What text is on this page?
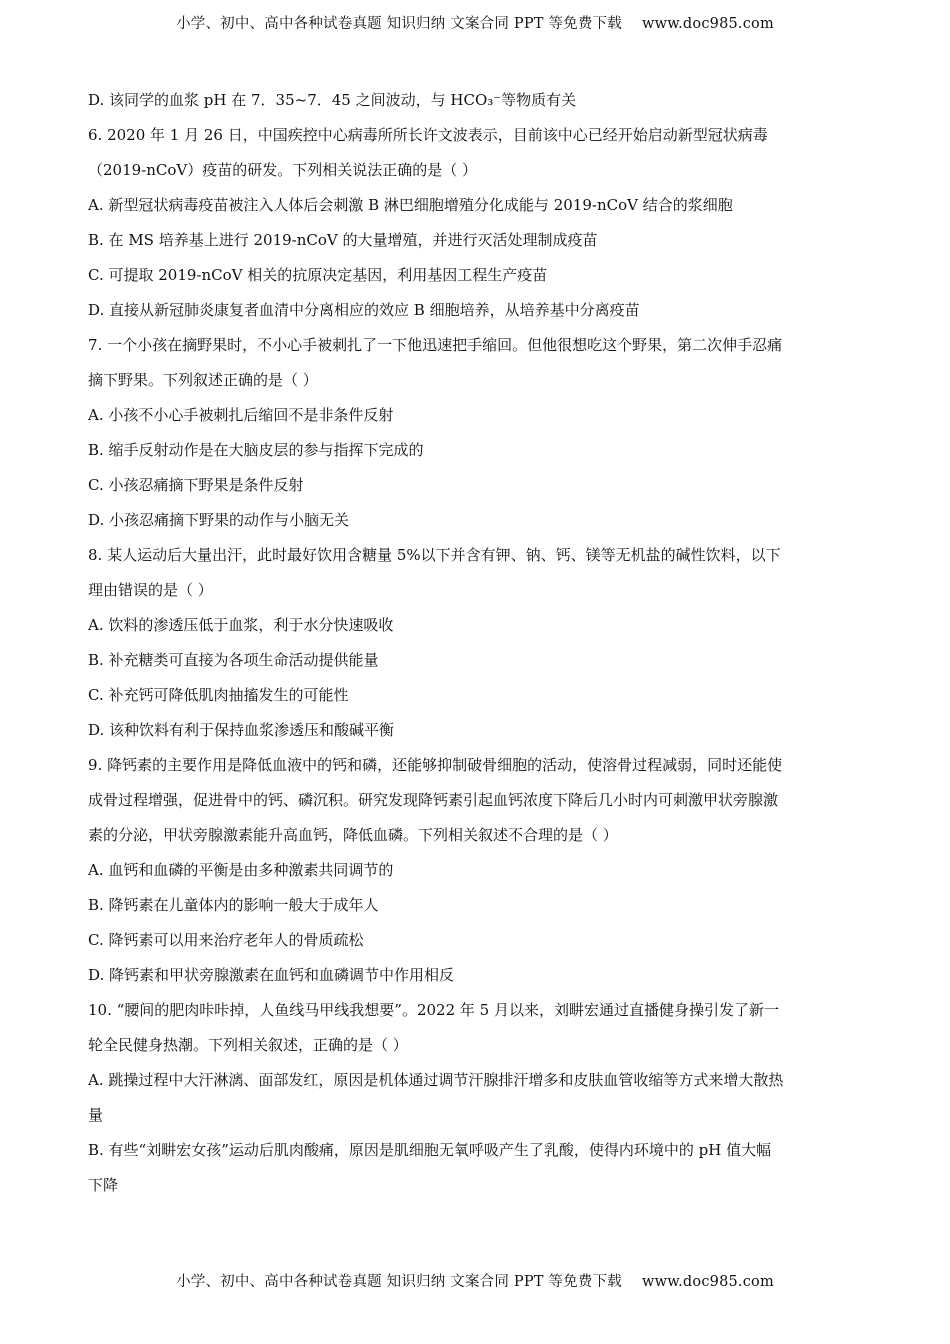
小学、初中、高中各种试卷真题 知识归纳 文案合同 PPT 等免费下载 www.doc985.com
D. 该同学的血浆 pH 在 7．35~7．45 之间波动，与 HCO₃⁻等物质有关
6. 2020 年 1 月 26 日，中国疾控中心病毒所所长许文波表示，目前该中心已经开始启动新型冠状病毒
（2019-nCoV）疫苗的研发。下列相关说法正确的是（ ）
A. 新型冠状病毒疫苗被注入人体后会刺激 B 淋巴细胞增殖分化成能与 2019-nCoV 结合的浆细胞
B. 在 MS 培养基上进行 2019-nCoV 的大量增殖，并进行灭活处理制成疫苗
C. 可提取 2019-nCoV 相关的抗原决定基因，利用基因工程生产疫苗
D. 直接从新冠肺炎康复者血清中分离相应的效应 B 细胞培养，从培养基中分离疫苗
7. 一个小孩在摘野果时，不小心手被刺扎了一下他迅速把手缩回。但他很想吃这个野果，第二次伸手忍痛
摘下野果。下列叙述正确的是（ ）
A. 小孩不小心手被刺扎后缩回不是非条件反射
B. 缩手反射动作是在大脑皮层的参与指挥下完成的
C. 小孩忍痛摘下野果是条件反射
D. 小孩忍痛摘下野果的动作与小脑无关
8. 某人运动后大量出汗，此时最好饮用含糖量 5%以下并含有钾、钠、钙、镁等无机盐的碱性饮料，以下
理由错误的是（ ）
A. 饮料的渗透压低于血浆，利于水分快速吸收
B. 补充糖类可直接为各项生命活动提供能量
C. 补充钙可降低肌肉抽搐发生的可能性
D. 该种饮料有利于保持血浆渗透压和酸碱平衡
9. 降钙素的主要作用是降低血液中的钙和磷，还能够抑制破骨细胞的活动，使溶骨过程减弱，同时还能使
成骨过程增强，促进骨中的钙、磷沉积。研究发现降钙素引起血钙浓度下降后几小时内可刺激甲状旁腺激
素的分泌，甲状旁腺激素能升高血钙，降低血磷。下列相关叙述不合理的是（ ）
A. 血钙和血磷的平衡是由多种激素共同调节的
B. 降钙素在儿童体内的影响一般大于成年人
C. 降钙素可以用来治疗老年人的骨质疏松
D. 降钙素和甲状旁腺激素在血钙和血磷调节中作用相反
10. “腰间的肥肉咔咔掉，人鱼线马甲线我想要”。2022 年 5 月以来，刘畊宏通过直播健身操引发了新一
轮全民健身热潮。下列相关叙述，正确的是（ ）
A. 跳操过程中大汗淋漓、面部发红，原因是机体通过调节汗腺排汗增多和皮肤血管收缩等方式来增大散热
量
B. 有些“刘畊宏女孩”运动后肌肉酸痛，原因是肌细胞无氧呼吸产生了乳酸，使得内环境中的 pH 值大幅
下降
小学、初中、高中各种试卷真题 知识归纳 文案合同 PPT 等免费下载 www.doc985.com
